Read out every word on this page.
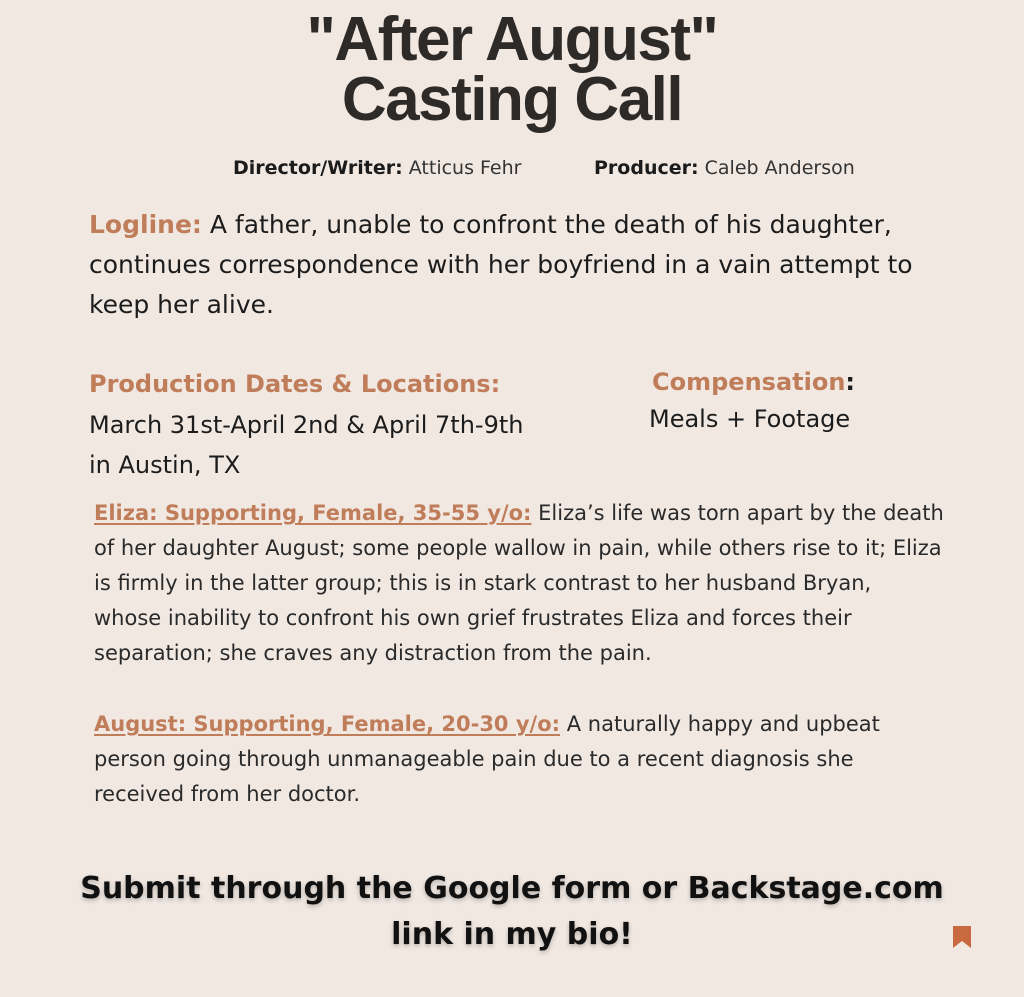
"After August"
Casting Call
Director/Writer: Atticus Fehr	Producer: Caleb Anderson
Logline: A father, unable to confront the death of his daughter, continues correspondence with her boyfriend in a vain attempt to keep her alive.
Production Dates & Locations:
March 31st-April 2nd & April 7th-9th
in Austin, TX
Compensation:
Meals + Footage
Eliza: Supporting, Female, 35-55 y/o: Eliza’s life was torn apart by the death of her daughter August; some people wallow in pain, while others rise to it; Eliza is firmly in the latter group; this is in stark contrast to her husband Bryan, whose inability to confront his own grief frustrates Eliza and forces their separation; she craves any distraction from the pain.
August: Supporting, Female, 20-30 y/o: A naturally happy and upbeat person going through unmanageable pain due to a recent diagnosis she received from her doctor.
Submit through the Google form or Backstage.com
link in my bio!
